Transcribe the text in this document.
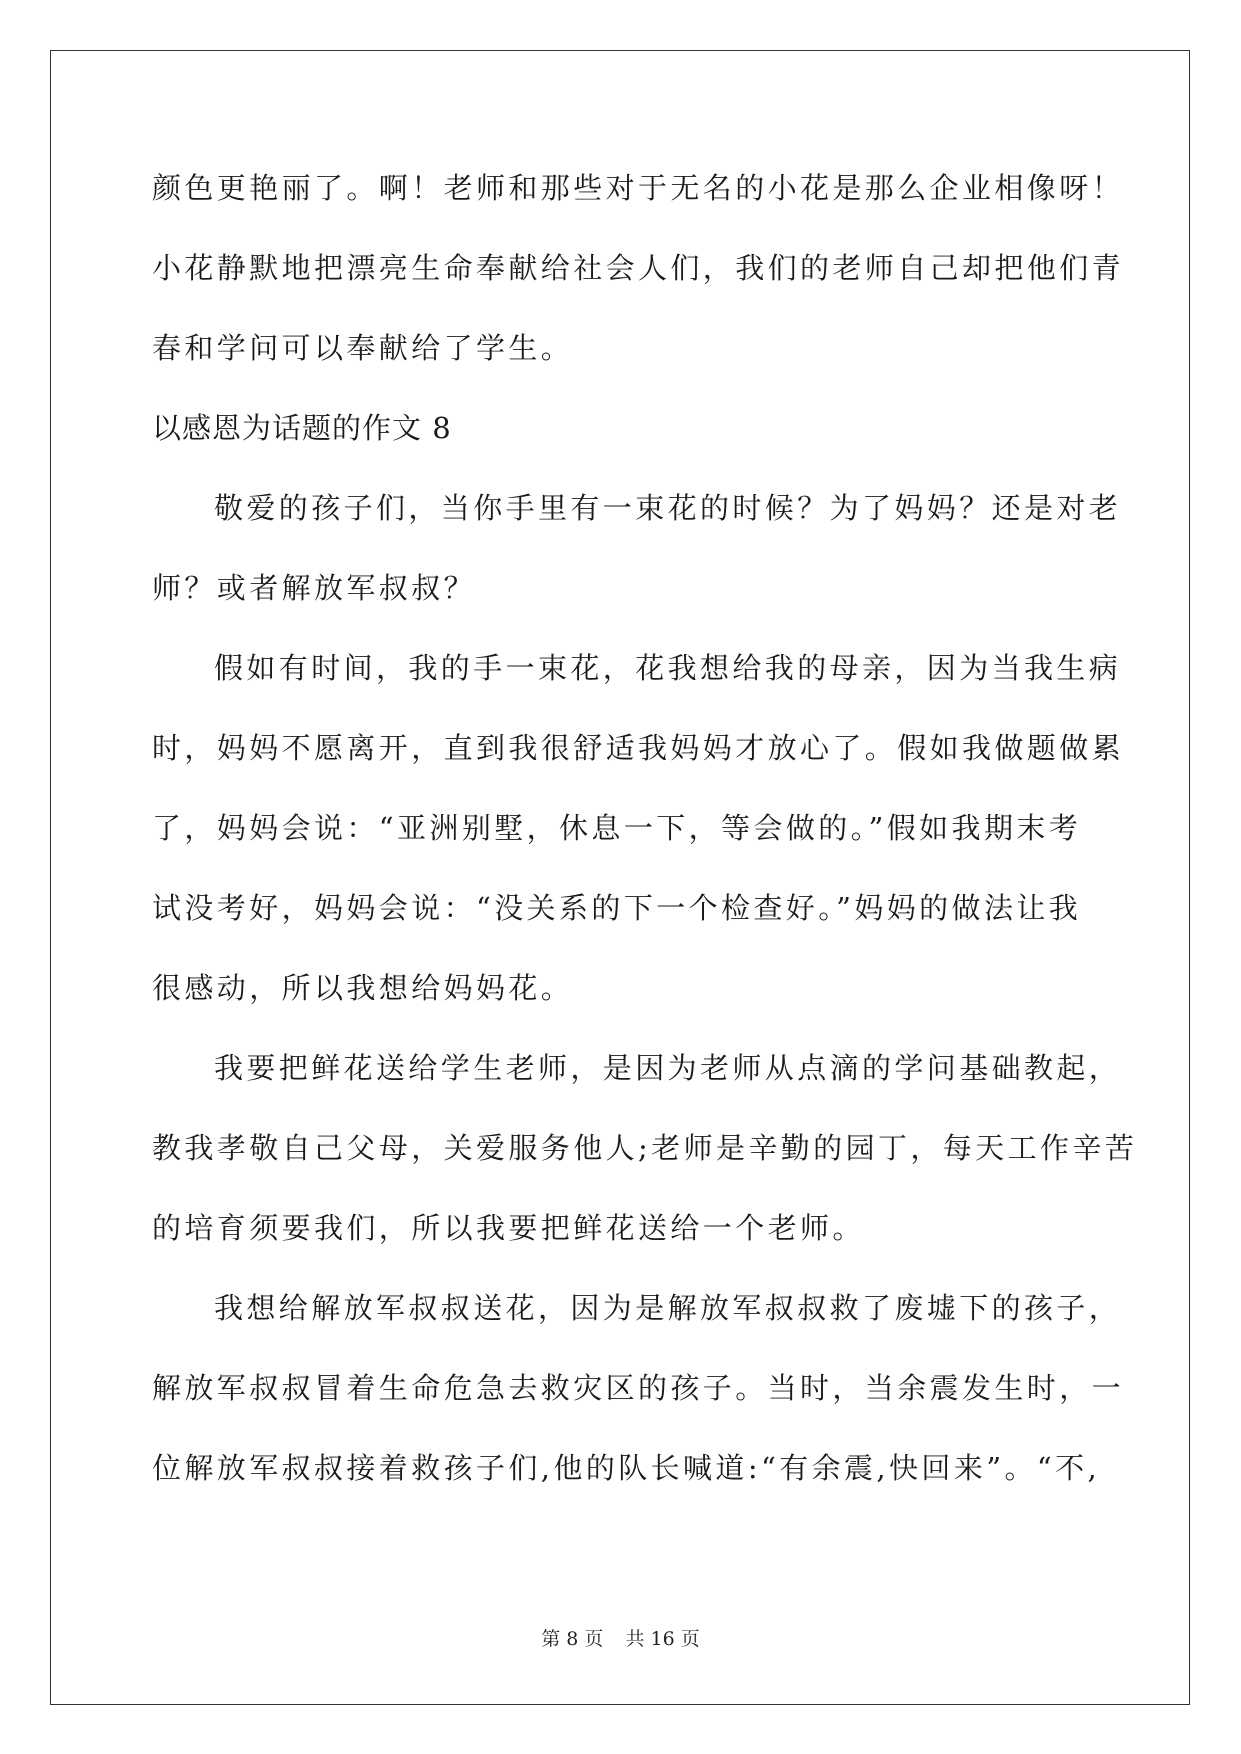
颜色更艳丽了。啊！老师和那些对于无名的小花是那么企业相像呀！
小花静默地把漂亮生命奉献给社会人们，我们的老师自己却把他们青
春和学问可以奉献给了学生。
以感恩为话题的作文 8
敬爱的孩子们，当你手里有一束花的时候？为了妈妈？还是对老
师？或者解放军叔叔？
假如有时间，我的手一束花，花我想给我的母亲，因为当我生病
时，妈妈不愿离开，直到我很舒适我妈妈才放心了。假如我做题做累
了，妈妈会说：“亚洲别墅，休息一下，等会做的。”假如我期末考
试没考好，妈妈会说：“没关系的下一个检查好。”妈妈的做法让我
很感动，所以我想给妈妈花。
我要把鲜花送给学生老师，是因为老师从点滴的学问基础教起，
教我孝敬自己父母，关爱服务他人;老师是辛勤的园丁，每天工作辛苦
的培育须要我们，所以我要把鲜花送给一个老师。
我想给解放军叔叔送花，因为是解放军叔叔救了废墟下的孩子，
解放军叔叔冒着生命危急去救灾区的孩子。当时，当余震发生时，一
位解放军叔叔接着救孩子们,他的队长喊道:“有余震,快回来”。“不,
第 8 页 共 16 页
